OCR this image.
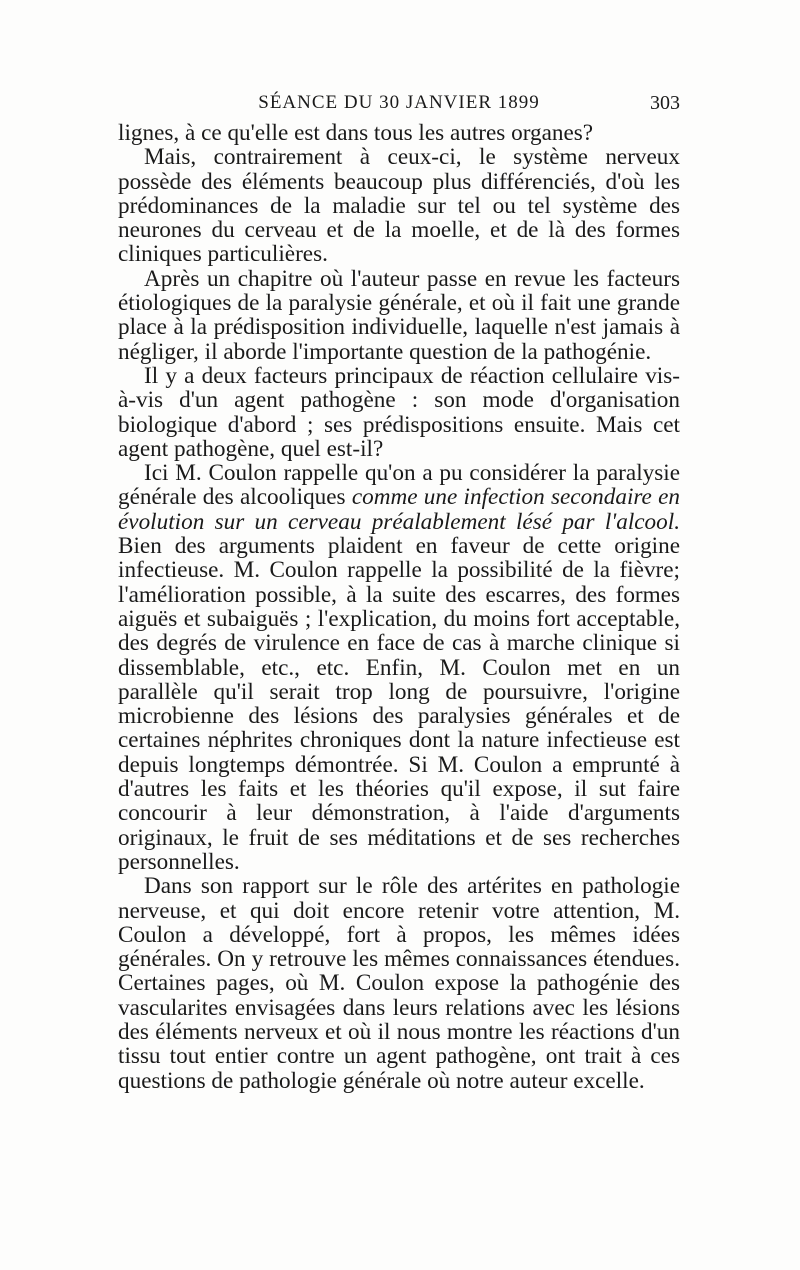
SÉANCE DU 30 JANVIER 1899	303

lignes, à ce qu'elle est dans tous les autres organes?

Mais, contrairement à ceux-ci, le système nerveux possède des éléments beaucoup plus différenciés, d'où les prédominances de la maladie sur tel ou tel système des neurones du cerveau et de la moelle, et de là des formes cliniques particulières.

Après un chapitre où l'auteur passe en revue les facteurs étiologiques de la paralysie générale, et où il fait une grande place à la prédisposition individuelle, laquelle n'est jamais à négliger, il aborde l'importante question de la pathogénie.

Il y a deux facteurs principaux de réaction cellulaire vis-à-vis d'un agent pathogène : son mode d'organisation biologique d'abord ; ses prédispositions ensuite. Mais cet agent pathogène, quel est-il?

Ici M. Coulon rappelle qu'on a pu considérer la paralysie générale des alcooliques comme une infection secondaire en évolution sur un cerveau préalablement lésé par l'alcool. Bien des arguments plaident en faveur de cette origine infectieuse. M. Coulon rappelle la possibilité de la fièvre; l'amélioration possible, à la suite des escarres, des formes aiguës et subaiguës ; l'explication, du moins fort acceptable, des degrés de virulence en face de cas à marche clinique si dissemblable, etc., etc. Enfin, M. Coulon met en un parallèle qu'il serait trop long de poursuivre, l'origine microbienne des lésions des paralysies générales et de certaines néphrites chroniques dont la nature infectieuse est depuis longtemps démontrée. Si M. Coulon a emprunté à d'autres les faits et les théories qu'il expose, il sut faire concourir à leur démonstration, à l'aide d'arguments originaux, le fruit de ses méditations et de ses recherches personnelles.

Dans son rapport sur le rôle des artérites en pathologie nerveuse, et qui doit encore retenir votre attention, M. Coulon a développé, fort à propos, les mêmes idées générales. On y retrouve les mêmes connaissances étendues. Certaines pages, où M. Coulon expose la pathogénie des vascularites envisagées dans leurs relations avec les lésions des éléments nerveux et où il nous montre les réactions d'un tissu tout entier contre un agent pathogène, ont trait à ces questions de pathologie générale où notre auteur excelle.
